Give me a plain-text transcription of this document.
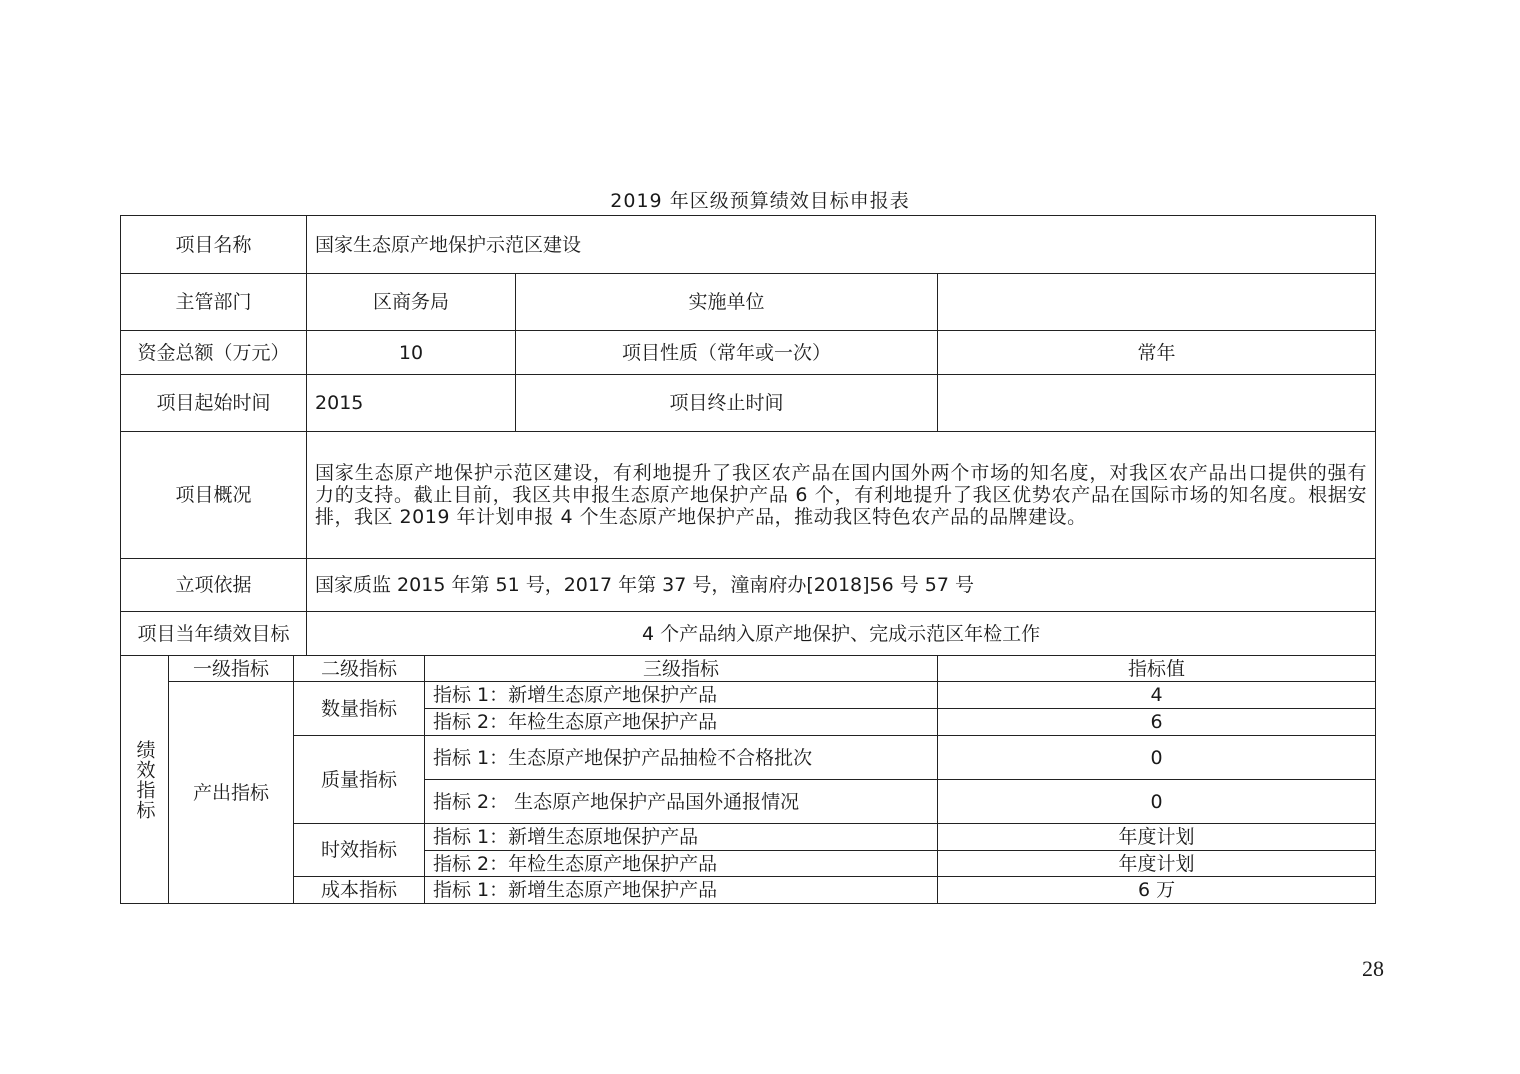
2019 年区级预算绩效目标申报表
项目名称			国家生态原产地保护示范区建设			
主管部门			区商务局		实施单位	
资金总额（万元）			10		项目性质（常年或一次）	常年
项目起始时间			2015		项目终止时间	
项目概况			国家生态原产地保护示范区建设，有利地提升了我区农产品在国内国外两个市场的知名度，对我区农产品出口提供的强有力的支持。截止目前，我区共申报生态原产地保护产品 6 个，有利地提升了我区优势农产品在国际市场的知名度。根据安排，我区 2019 年计划申报 4 个生态原产地保护产品，推动我区特色农产品的品牌建设。			
立项依据			国家质监 2015 年第 51 号，2017 年第 37 号，潼南府办[2018]56 号 57 号			
项目当年绩效目标			4 个产品纳入原产地保护、完成示范区年检工作			

绩效指标	一级指标	二级指标		三级指标		指标值
	产出指标	数量指标		指标 1：新增生态原产地保护产品		4
				指标 2：年检生态原产地保护产品		6
		质量指标		指标 1：生态原产地保护产品抽检不合格批次		0
				指标 2： 生态原产地保护产品国外通报情况		0
		时效指标		指标 1：新增生态原地保护产品		年度计划
				指标 2：年检生态原产地保护产品		年度计划
		成本指标		指标 1：新增生态原产地保护产品		6 万
28
